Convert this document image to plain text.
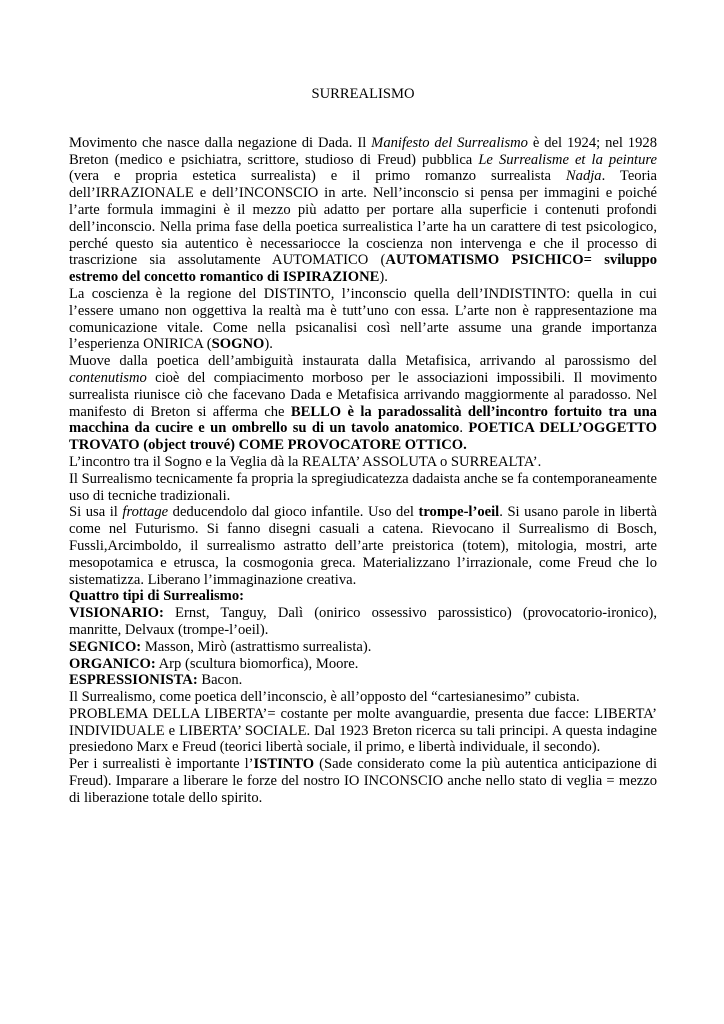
SURREALISMO

Movimento che nasce dalla negazione di Dada. Il Manifesto del Surrealismo è del 1924; nel 1928 Breton (medico e psichiatra, scrittore, studioso di Freud) pubblica Le Surrealisme et la peinture (vera e propria estetica surrealista) e il primo romanzo surrealista Nadja. Teoria dell’IRRAZIONALE e dell’INCONSCIO in arte. Nell’inconscio si pensa per immagini e poiché l’arte formula immagini è il mezzo più adatto per portare alla superficie i contenuti profondi dell’inconscio. Nella prima fase della poetica surrealistica l’arte ha un carattere di test psicologico, perché questo sia autentico è necessariocce la coscienza non intervenga e che il processo di trascrizione sia assolutamente AUTOMATICO (AUTOMATISMO PSICHICO= sviluppo estremo del concetto romantico di ISPIRAZIONE).

La coscienza è la regione del DISTINTO, l’inconscio quella dell’INDISTINTO: quella in cui l’essere umano non oggettiva la realtà ma è tutt’uno con essa. L’arte non è rappresentazione ma comunicazione vitale. Come nella psicanalisi così nell’arte assume una grande importanza l’esperienza ONIRICA (SOGNO).

Muove dalla poetica dell’ambiguità instaurata dalla Metafisica, arrivando al parossismo del contenutismo cioè del compiacimento morboso per le associazioni impossibili. Il movimento surrealista riunisce ciò che facevano Dada e Metafisica arrivando maggiormente al paradosso. Nel manifesto di Breton si afferma che BELLO è la paradossalità dell’incontro fortuito tra una macchina da cucire e un ombrello su di un tavolo anatomico. POETICA DELL’OGGETTO TROVATO (object trouvé) COME PROVOCATORE OTTICO.

L’incontro tra il Sogno e la Veglia dà la REALTA’ ASSOLUTA o SURREALTA’.

Il Surrealismo tecnicamente fa propria la spregiudicatezza dadaista anche se fa contemporaneamente uso di tecniche tradizionali.

Si usa il frottage deducendolo dal gioco infantile. Uso del trompe-l’oeil. Si usano parole in libertà come nel Futurismo. Si fanno disegni casuali a catena. Rievocano il Surrealismo di Bosch, Fussli,Arcimboldo, il surrealismo astratto dell’arte preistorica (totem), mitologia, mostri, arte mesopotamica e etrusca, la cosmogonia greca. Materializzano l’irrazionale, come Freud che lo sistematizza. Liberano l’immaginazione creativa.

Quattro tipi di Surrealismo:

VISIONARIO: Ernst, Tanguy, Dalì (onirico ossessivo parossistico) (provocatorio-ironico), manritte, Delvaux (trompe-l’oeil).

SEGNICO: Masson, Mirò (astrattismo surrealista).

ORGANICO: Arp (scultura biomorfica), Moore.

ESPRESSIONISTA: Bacon.

Il Surrealismo, come poetica dell’inconscio, è all’opposto del “cartesianesimo” cubista.

PROBLEMA DELLA LIBERTA’= costante per molte avanguardie, presenta due facce: LIBERTA’ INDIVIDUALE e LIBERTA’ SOCIALE. Dal 1923 Breton ricerca su tali principi. A questa indagine presiedono Marx e Freud (teorici libertà sociale, il primo, e libertà individuale, il secondo).

Per i surrealisti è importante l’ISTINTO (Sade considerato come la più autentica anticipazione di Freud). Imparare a liberare le forze del nostro IO INCONSCIO anche nello stato di veglia = mezzo di liberazione totale dello spirito.
